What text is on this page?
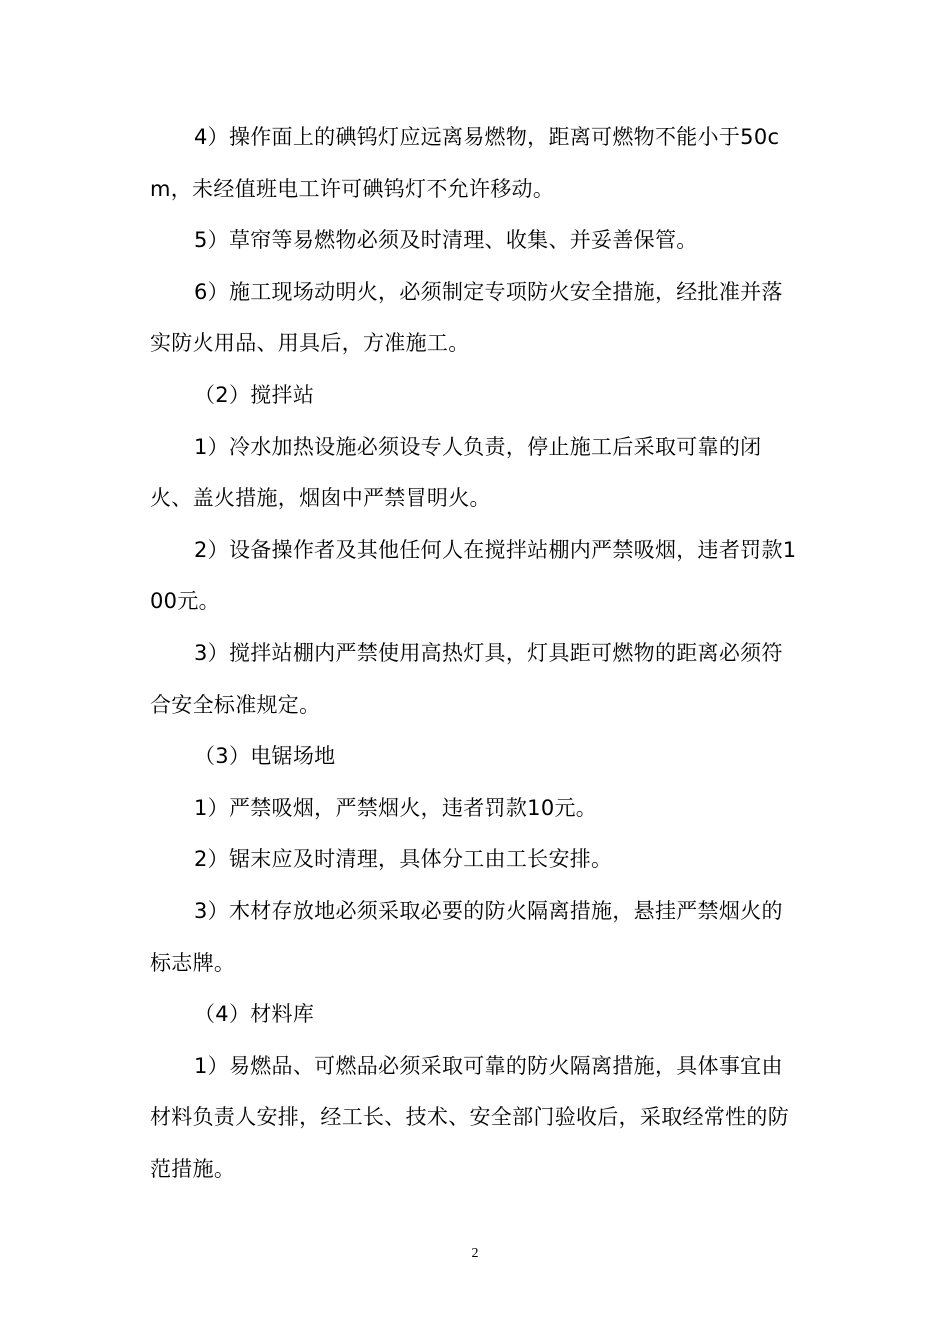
4）操作面上的碘钨灯应远离易燃物，距离可燃物不能小于50cm，未经值班电工许可碘钨灯不允许移动。

5）草帘等易燃物必须及时清理、收集、并妥善保管。

6）施工现场动明火，必须制定专项防火安全措施，经批准并落实防火用品、用具后，方准施工。

（2）搅拌站

1）冷水加热设施必须设专人负责，停止施工后采取可靠的闭火、盖火措施，烟囱中严禁冒明火。

2）设备操作者及其他任何人在搅拌站棚内严禁吸烟，违者罚款100元。

3）搅拌站棚内严禁使用高热灯具，灯具距可燃物的距离必须符合安全标准规定。

（3）电锯场地

1）严禁吸烟，严禁烟火，违者罚款10元。

2）锯末应及时清理，具体分工由工长安排。

3）木材存放地必须采取必要的防火隔离措施，悬挂严禁烟火的标志牌。

（4）材料库

1）易燃品、可燃品必须采取可靠的防火隔离措施，具体事宜由材料负责人安排，经工长、技术、安全部门验收后，采取经常性的防范措施。

2
